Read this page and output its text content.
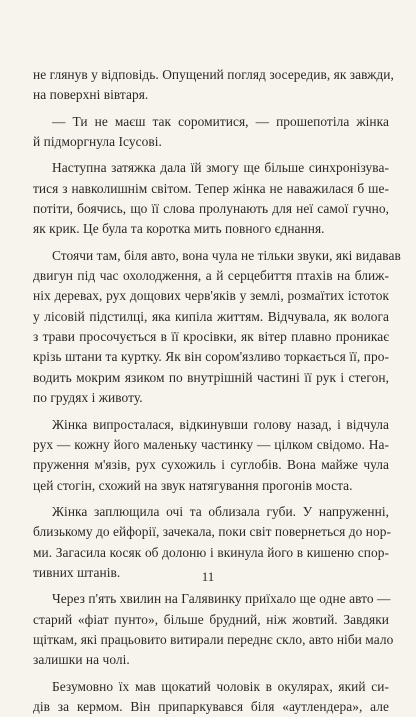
не глянув у відповідь. Опущений погляд зосередив, як завжди,
на поверхні вівтаря.
— Ти не маєш так соромитися, — прошепотіла жінка
й підморгнула Ісусові.
Наступна затяжка дала їй змогу ще більше синхронізува-
тися з навколишнім світом. Тепер жінка не наважилася б ше-
потіти, боячись, що її слова пролунають для неї самої гучно,
як крик. Це була та коротка мить повного єднання.
Стоячи там, біля авто, вона чула не тільки звуки, які видавав
двигун під час охолодження, а й серцебиття птахів на ближ-
ніх деревах, рух дощових черв'яків у землі, розмаїтих істоток
у лісовій підстилці, яка кипіла життям. Відчувала, як волога
з трави просочується в її кросівки, як вітер плавно проникає
крізь штани та куртку. Як він сором'язливо торкається її, про-
водить мокрим язиком по внутрішній частині її рук і стегон,
по грудях і животу.
Жінка випросталася, відкинувши голову назад, і відчула
рух — кожну його маленьку частинку — цілком свідомо. На-
пруження м'язів, рух сухожиль і суглобів. Вона майже чула
цей стогін, схожий на звук натягування прогонів моста.
Жінка заплющила очі та облизала губи. У напруженні,
близькому до ейфорії, зачекала, поки світ повернеться до нор-
ми. Загасила косяк об долоню і вкинула його в кишеню спор-
тивних штанів.
Через п'ять хвилин на Галявинку приїхало ще одне авто —
старий «фіат пунто», більше брудний, ніж жовтий. Завдяки
щіткам, які працьовито витирали переднє скло, авто ніби мало
залишки на чолі.
Безумовно їх мав щокатий чоловік в окулярах, який си-
дів за кермом. Він припаркувався біля «аутлендера», але
11
